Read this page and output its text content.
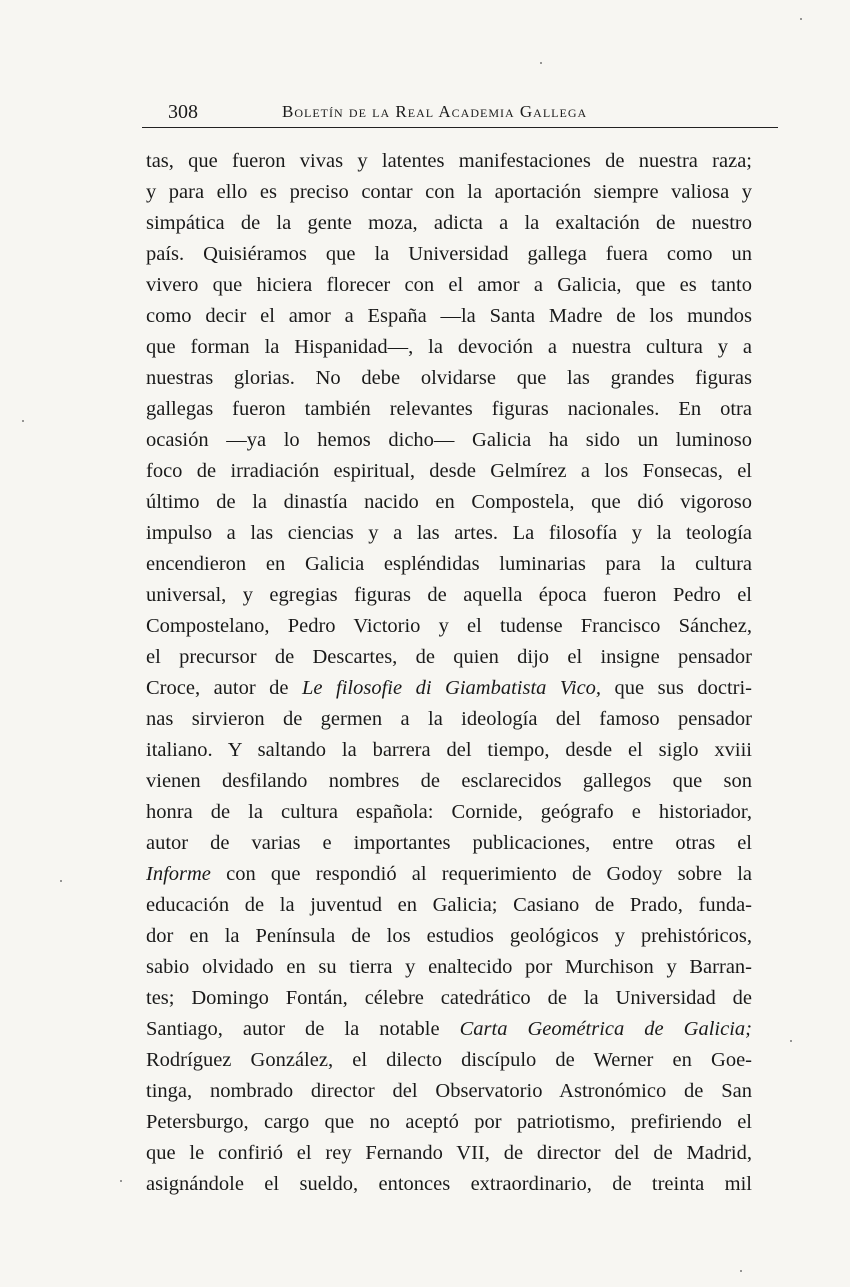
308	Boletín de la Real Academia Gallega
tas, que fueron vivas y latentes manifestaciones de nuestra raza;
y para ello es preciso contar con la aportación siempre valiosa y
simpática de la gente moza, adicta a la exaltación de nuestro
país. Quisiéramos que la Universidad gallega fuera como un
vivero que hiciera florecer con el amor a Galicia, que es tanto
como decir el amor a España —la Santa Madre de los mundos
que forman la Hispanidad—, la devoción a nuestra cultura y a
nuestras glorias. No debe olvidarse que las grandes figuras
gallegas fueron también relevantes figuras nacionales. En otra
ocasión —ya lo hemos dicho— Galicia ha sido un luminoso
foco de irradiación espiritual, desde Gelmírez a los Fonsecas, el
último de la dinastía nacido en Compostela, que dió vigoroso
impulso a las ciencias y a las artes. La filosofía y la teología
encendieron en Galicia espléndidas luminarias para la cultura
universal, y egregias figuras de aquella época fueron Pedro el
Compostelano, Pedro Victorio y el tudense Francisco Sánchez,
el precursor de Descartes, de quien dijo el insigne pensador
Croce, autor de Le filosofie di Giambatista Vico, que sus doctri-
nas sirvieron de germen a la ideología del famoso pensador
italiano. Y saltando la barrera del tiempo, desde el siglo xviii
vienen desfilando nombres de esclarecidos gallegos que son
honra de la cultura española: Cornide, geógrafo e historiador,
autor de varias e importantes publicaciones, entre otras el
Informe con que respondió al requerimiento de Godoy sobre la
educación de la juventud en Galicia; Casiano de Prado, funda-
dor en la Península de los estudios geológicos y prehistóricos,
sabio olvidado en su tierra y enaltecido por Murchison y Barran-
tes; Domingo Fontán, célebre catedrático de la Universidad de
Santiago, autor de la notable Carta Geométrica de Galicia;
Rodríguez González, el dilecto discípulo de Werner en Goe-
tinga, nombrado director del Observatorio Astronómico de San
Petersburgo, cargo que no aceptó por patriotismo, prefiriendo el
que le confirió el rey Fernando VII, de director del de Madrid,
asignándole el sueldo, entonces extraordinario, de treinta mil
